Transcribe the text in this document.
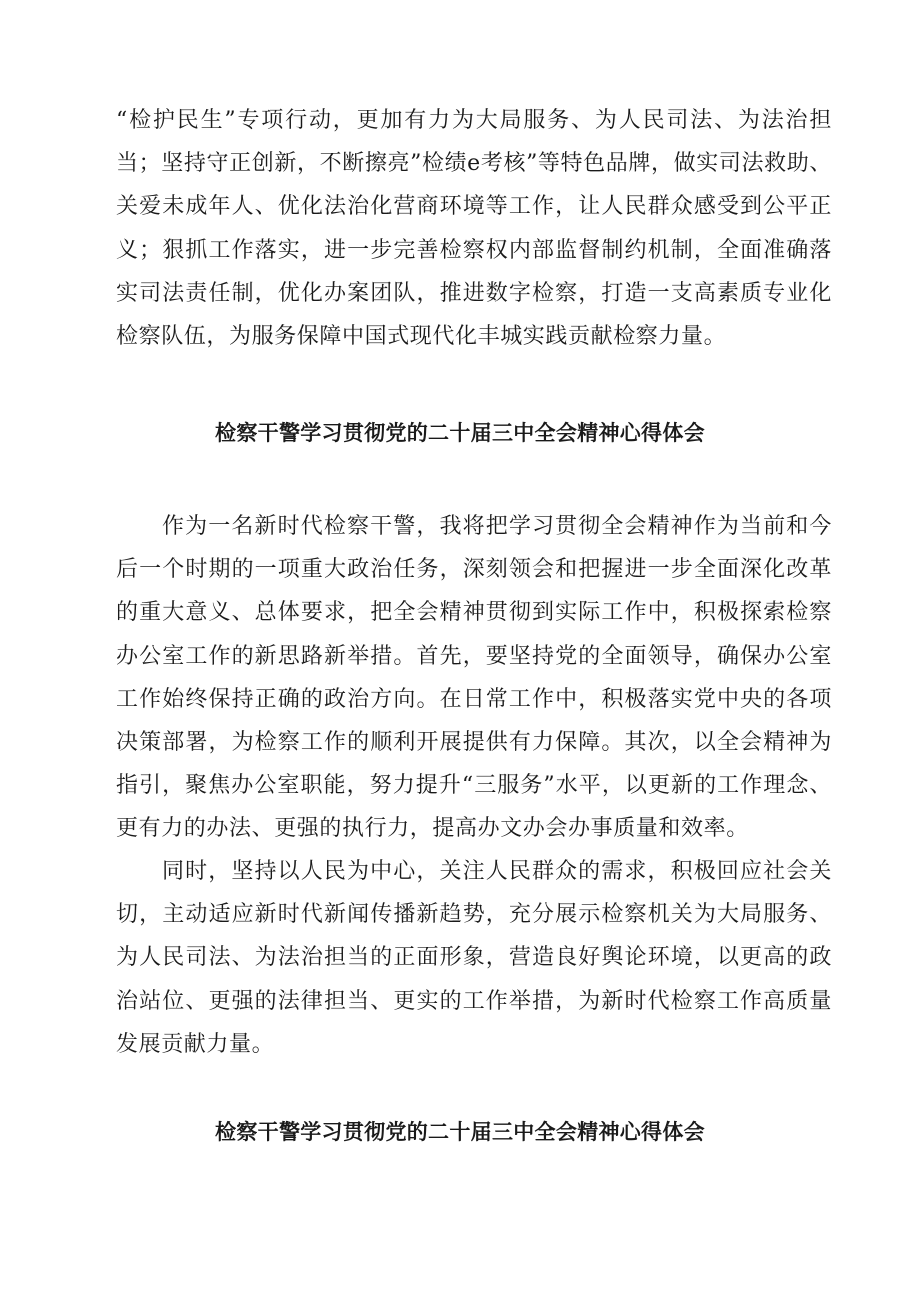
“检护民生”专项行动，更加有力为大局服务、为人民司法、为法治担当；坚持守正创新，不断擦亮”检绩e考核”等特色品牌，做实司法救助、关爱未成年人、优化法治化营商环境等工作，让人民群众感受到公平正义；狠抓工作落实，进一步完善检察权内部监督制约机制，全面准确落实司法责任制，优化办案团队，推进数字检察，打造一支高素质专业化检察队伍，为服务保障中国式现代化丰城实践贡献检察力量。

检察干警学习贯彻党的二十届三中全会精神心得体会

作为一名新时代检察干警，我将把学习贯彻全会精神作为当前和今后一个时期的一项重大政治任务，深刻领会和把握进一步全面深化改革的重大意义、总体要求，把全会精神贯彻到实际工作中，积极探索检察办公室工作的新思路新举措。首先，要坚持党的全面领导，确保办公室工作始终保持正确的政治方向。在日常工作中，积极落实党中央的各项决策部署，为检察工作的顺利开展提供有力保障。其次，以全会精神为指引，聚焦办公室职能，努力提升“三服务”水平，以更新的工作理念、更有力的办法、更强的执行力，提高办文办会办事质量和效率。

同时，坚持以人民为中心，关注人民群众的需求，积极回应社会关切，主动适应新时代新闻传播新趋势，充分展示检察机关为大局服务、为人民司法、为法治担当的正面形象，营造良好舆论环境，以更高的政治站位、更强的法律担当、更实的工作举措，为新时代检察工作高质量发展贡献力量。

检察干警学习贯彻党的二十届三中全会精神心得体会
